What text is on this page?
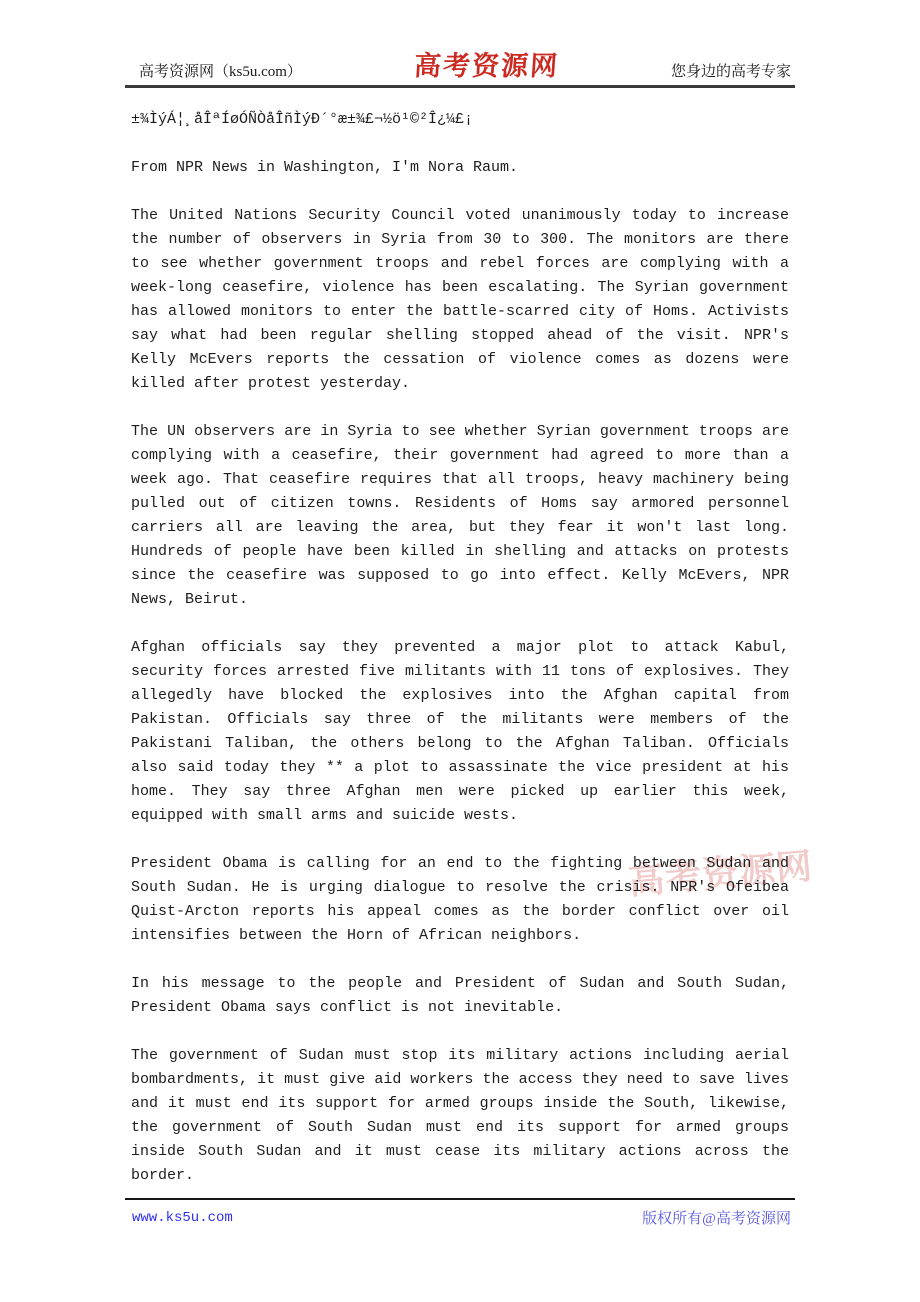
高考资源网（ks5u.com）	高考资源网	您身边的高考专家
高考资源网

±¾ÌýÁ¦¸åÎªÍøÓÑÒåÎñÌýÐ´°æ±¾£¬½ö¹©²Î¿¼£¡

From NPR News in Washington, I'm Nora Raum.

The United Nations Security Council voted unanimously today to increase the number of observers in Syria from 30 to 300. The monitors are there to see whether government troops and rebel forces are complying with a week-long ceasefire, violence has been escalating. The Syrian government has allowed monitors to enter the battle-scarred city of Homs. Activists say what had been regular shelling stopped ahead of the visit. NPR's Kelly McEvers reports the cessation of violence comes as dozens were killed after protest yesterday.

The UN observers are in Syria to see whether Syrian government troops are complying with a ceasefire, their government had agreed to more than a week ago. That ceasefire requires that all troops, heavy machinery being pulled out of citizen towns. Residents of Homs say armored personnel carriers all are leaving the area, but they fear it won't last long. Hundreds of people have been killed in shelling and attacks on protests since the ceasefire was supposed to go into effect. Kelly McEvers, NPR News, Beirut.

Afghan officials say they prevented a major plot to attack Kabul, security forces arrested five militants with 11 tons of explosives. They allegedly have blocked the explosives into the Afghan capital from Pakistan. Officials say three of the militants were members of the Pakistani Taliban, the others belong to the Afghan Taliban. Officials also said today they ** a plot to assassinate the vice president at his home. They say three Afghan men were picked up earlier this week, equipped with small arms and suicide wests.

President Obama is calling for an end to the fighting between Sudan and South Sudan. He is urging dialogue to resolve the crisis. NPR's Ofeibea Quist-Arcton reports his appeal comes as the border conflict over oil intensifies between the Horn of African neighbors.

In his message to the people and President of Sudan and South Sudan, President Obama says conflict is not inevitable.

The government of Sudan must stop its military actions including aerial bombardments, it must give aid workers the access they need to save lives and it must end its support for armed groups inside the South, likewise, the government of South Sudan must end its support for armed groups inside South Sudan and it must cease its military actions across the border.

www.ks5u.com	版权所有@高考资源网
